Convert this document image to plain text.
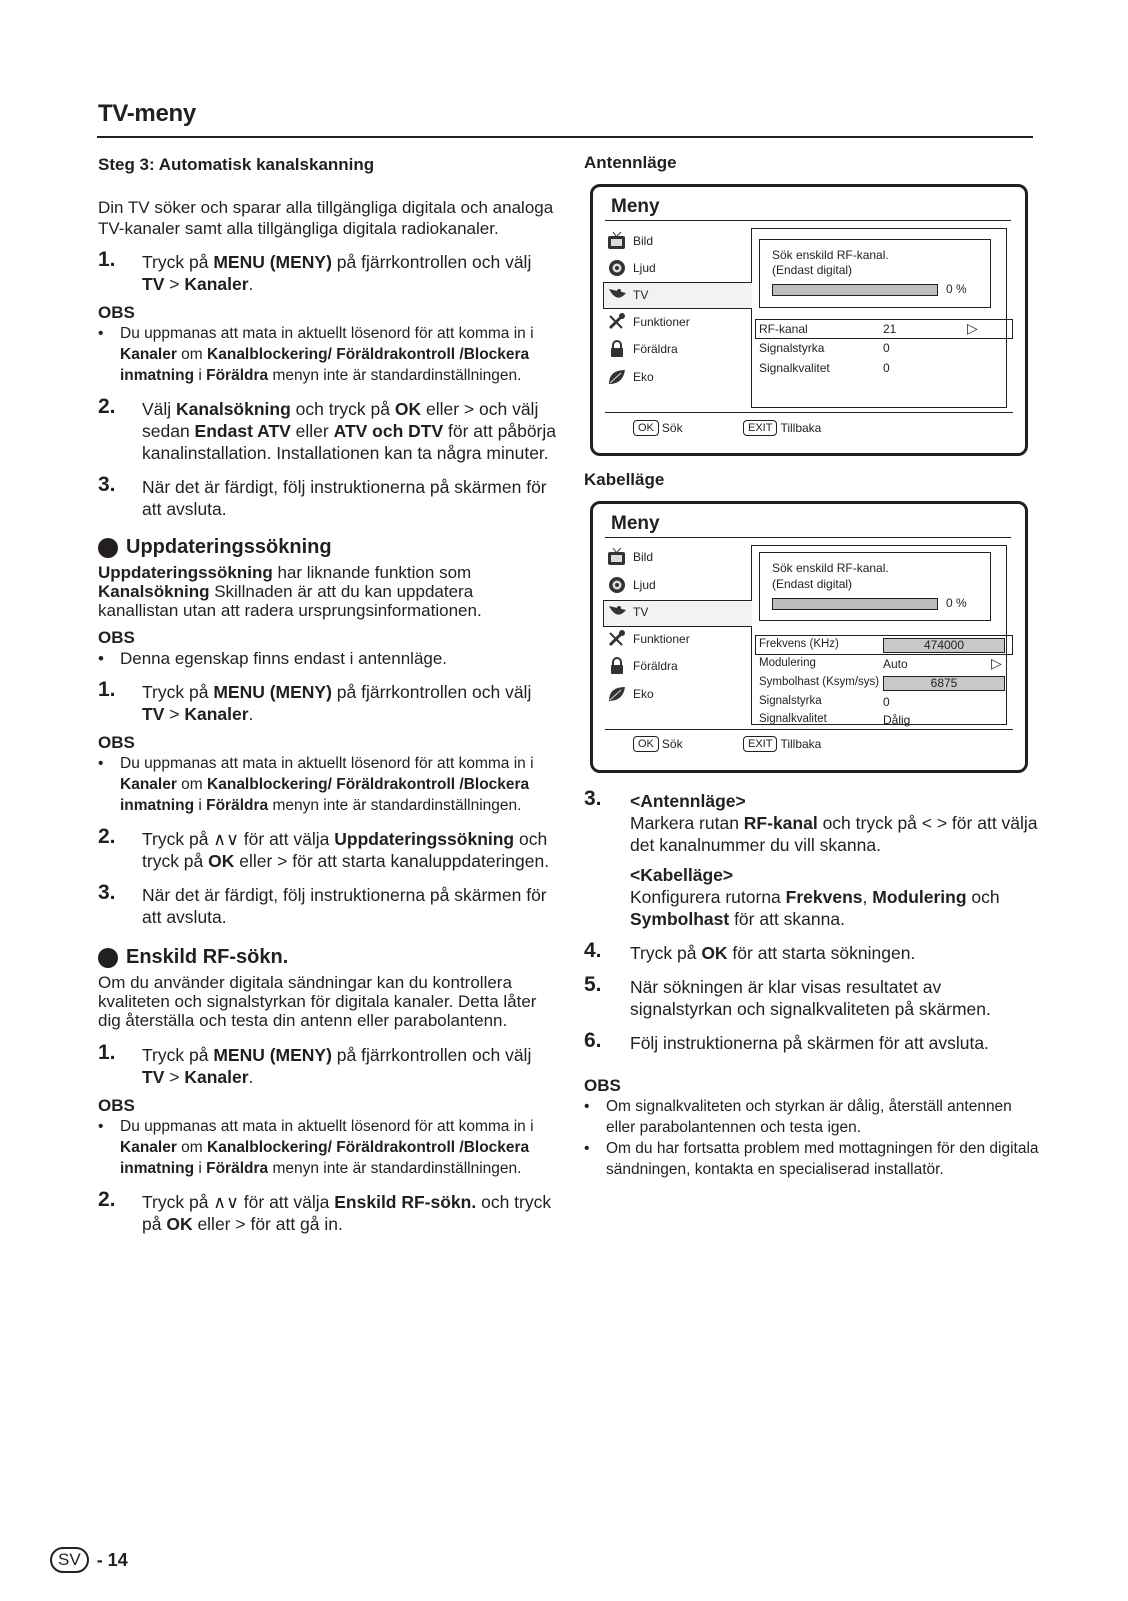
TV-meny
Steg 3: Automatisk kanalskanning

Din TV söker och sparar alla tillgängliga digitala och analoga TV-kanaler samt alla tillgängliga digitala radiokanaler.

1. Tryck på MENU (MENY) på fjärrkontrollen och välj TV > Kanaler.
OBS
• Du uppmanas att mata in aktuellt lösenord för att komma in i Kanaler om Kanalblockering/ Föräldrakontroll /Blockera inmatning i Föräldra menyn inte är standardinställningen.
2. Välj Kanalsökning och tryck på OK eller > och välj sedan Endast ATV eller ATV och DTV för att påbörja kanalinstallation. Installationen kan ta några minuter.
3. När det är färdigt, följ instruktionerna på skärmen för att avsluta.
Uppdateringssökning

Uppdateringssökning har liknande funktion som Kanalsökning Skillnaden är att du kan uppdatera kanallistan utan att radera ursprungsinformationen.

OBS
• Denna egenskap finns endast i antennläge.
1. Tryck på MENU (MENY) på fjärrkontrollen och välj TV > Kanaler.
OBS
• Du uppmanas att mata in aktuellt lösenord för att komma in i Kanaler om Kanalblockering/ Föräldrakontroll /Blockera inmatning i Föräldra menyn inte är standardinställningen.
2. Tryck på ∧∨ för att välja Uppdateringssökning och tryck på OK eller > för att starta kanaluppdateringen.
3. När det är färdigt, följ instruktionerna på skärmen för att avsluta.
Enskild RF-sökn.

Om du använder digitala sändningar kan du kontrollera kvaliteten och signalstyrkan för digitala kanaler. Detta låter dig återställa och testa din antenn eller parabolantenn.

1. Tryck på MENU (MENY) på fjärrkontrollen och välj TV > Kanaler.
OBS
• Du uppmanas att mata in aktuellt lösenord för att komma in i Kanaler om Kanalblockering/ Föräldrakontroll /Blockera inmatning i Föräldra menyn inte är standardinställningen.
2. Tryck på ∧∨ för att välja Enskild RF-sökn. och tryck på OK eller > för att gå in.
Antennläge
Kabelläge
Meny
Sök enskild RF-kanal.
(Endast digital)
0 %
RF-kanal	21	▷
Signalstyrka	0
Signalkvalitet	0
Bild
Ljud
TV
Funktioner
Föräldra
Eko
OK Sök	EXIT Tillbaka
Meny
Sök enskild RF-kanal.
(Endast digital)
0 %
Frekvens (KHz)	474000
Modulering	Auto	▷
Symbolhast (Ksym/sys)	6875
Signalstyrka	0
Signalkvalitet	Dålig
Bild
Ljud
TV
Funktioner
Föräldra
Eko
OK Sök	EXIT Tillbaka
3. <Antennläge>
Markera rutan RF-kanal och tryck på < > för att välja det kanalnummer du vill skanna.
<Kabelläge>
Konfigurera rutorna Frekvens, Modulering och Symbolhast för att skanna.
4. Tryck på OK för att starta sökningen.
5. När sökningen är klar visas resultatet av signalstyrkan och signalkvaliteten på skärmen.
6. Följ instruktionerna på skärmen för att avsluta.
OBS
• Om signalkvaliteten och styrkan är dålig, återställ antennen eller parabolantennen och testa igen.
• Om du har fortsatta problem med mottagningen för den digitala sändningen, kontakta en specialiserad installatör.
SV - 14
